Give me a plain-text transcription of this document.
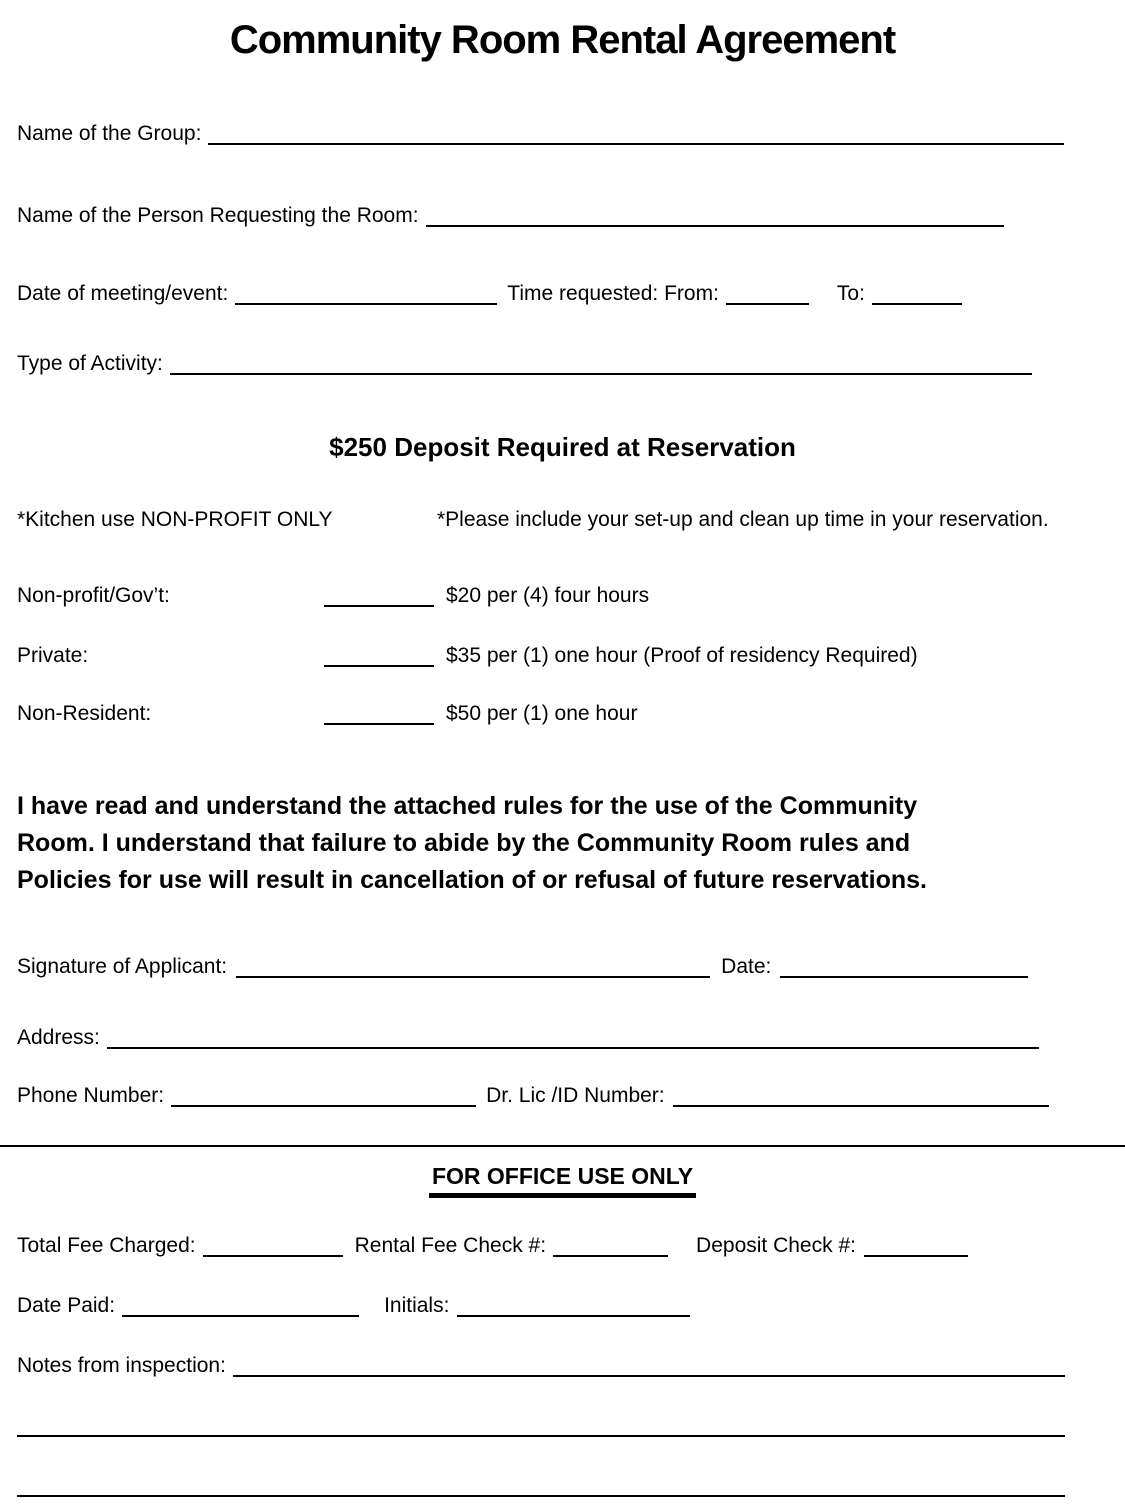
Community Room Rental Agreement
Name of the Group:
Name of the Person Requesting the Room:
Date of meeting/event:	Time requested: From:	To:
Type of Activity:
$250 Deposit Required at Reservation
*Kitchen use NON-PROFIT ONLY	*Please include your set-up and clean up time in your reservation.
Non-profit/Gov’t:	$20 per (4) four hours
Private:	$35 per (1) one hour (Proof of residency Required)
Non-Resident:	$50 per (1) one hour
I have read and understand the attached rules for the use of the Community
Room. I understand that failure to abide by the Community Room rules and
Policies for use will result in cancellation of or refusal of future reservations.
Signature of Applicant:	Date:
Address:
Phone Number:	Dr. Lic /ID Number:
FOR OFFICE USE ONLY
Total Fee Charged:	Rental Fee Check #:	Deposit Check #:
Date Paid:	Initials:
Notes from inspection:
